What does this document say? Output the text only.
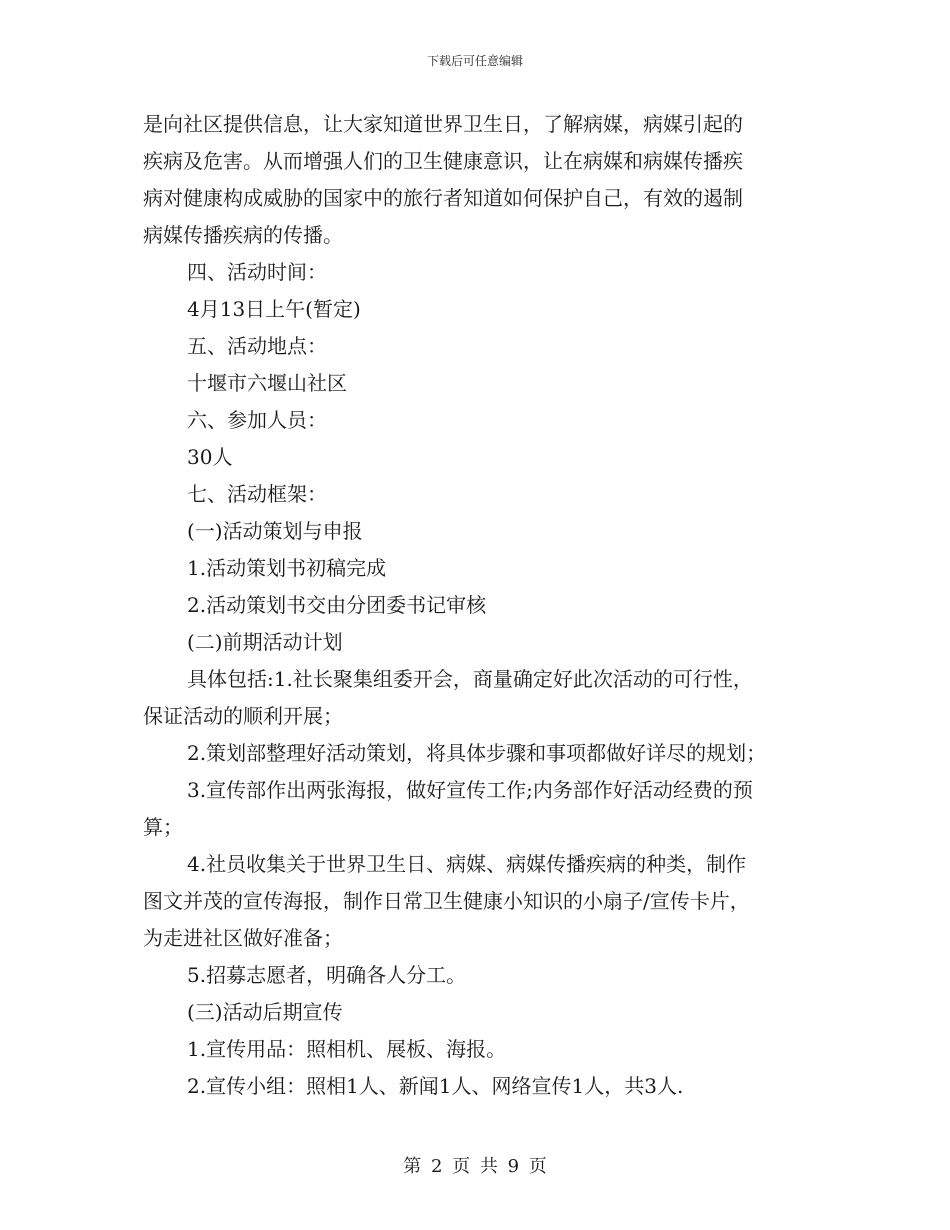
下载后可任意编辑

是向社区提供信息，让大家知道世界卫生日，了解病媒，病媒引起的

疾病及危害。从而增强人们的卫生健康意识，让在病媒和病媒传播疾

病对健康构成威胁的国家中的旅行者知道如何保护自己，有效的遏制

病媒传播疾病的传播。

四、活动时间：

4月13日上午(暂定)

五、活动地点：

十堰市六堰山社区

六、参加人员：

30人

七、活动框架：

(一)活动策划与申报

1.活动策划书初稿完成

2.活动策划书交由分团委书记审核

(二)前期活动计划

具体包括:1.社长聚集组委开会，商量确定好此次活动的可行性，

保证活动的顺利开展；

2.策划部整理好活动策划，将具体步骤和事项都做好详尽的规划；

3.宣传部作出两张海报，做好宣传工作;内务部作好活动经费的预

算；

4.社员收集关于世界卫生日、病媒、病媒传播疾病的种类，制作

图文并茂的宣传海报，制作日常卫生健康小知识的小扇子/宣传卡片，

为走进社区做好准备；

5.招募志愿者，明确各人分工。

(三)活动后期宣传

1.宣传用品：照相机、展板、海报。

2.宣传小组：照相1人、新闻1人、网络宣传1人，共3人.

第 2 页 共 9 页
